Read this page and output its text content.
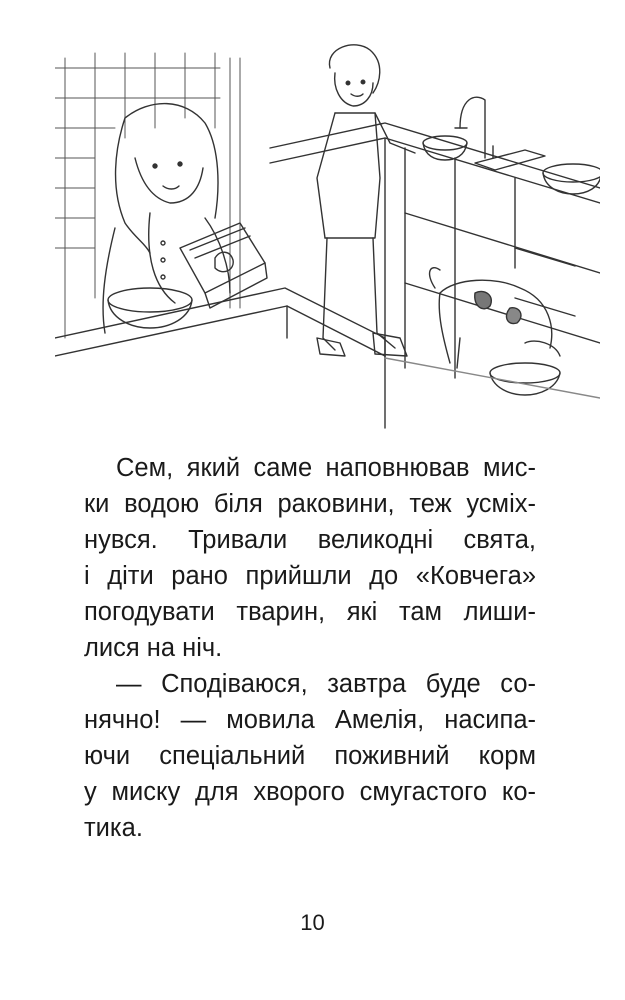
Сем, який саме наповнював мис-
ки водою біля раковини, теж усміх-
нувся. Тривали великодні свята,
і діти рано прийшли до «Ковчега»
погодувати тварин, які там лиши-
лися на ніч.

— Сподіваюся, завтра буде со-
нячно! — мовила Амелія, насипа-
ючи спеціальний поживний корм
у миску для хворого смугастого ко-
тика.

10
